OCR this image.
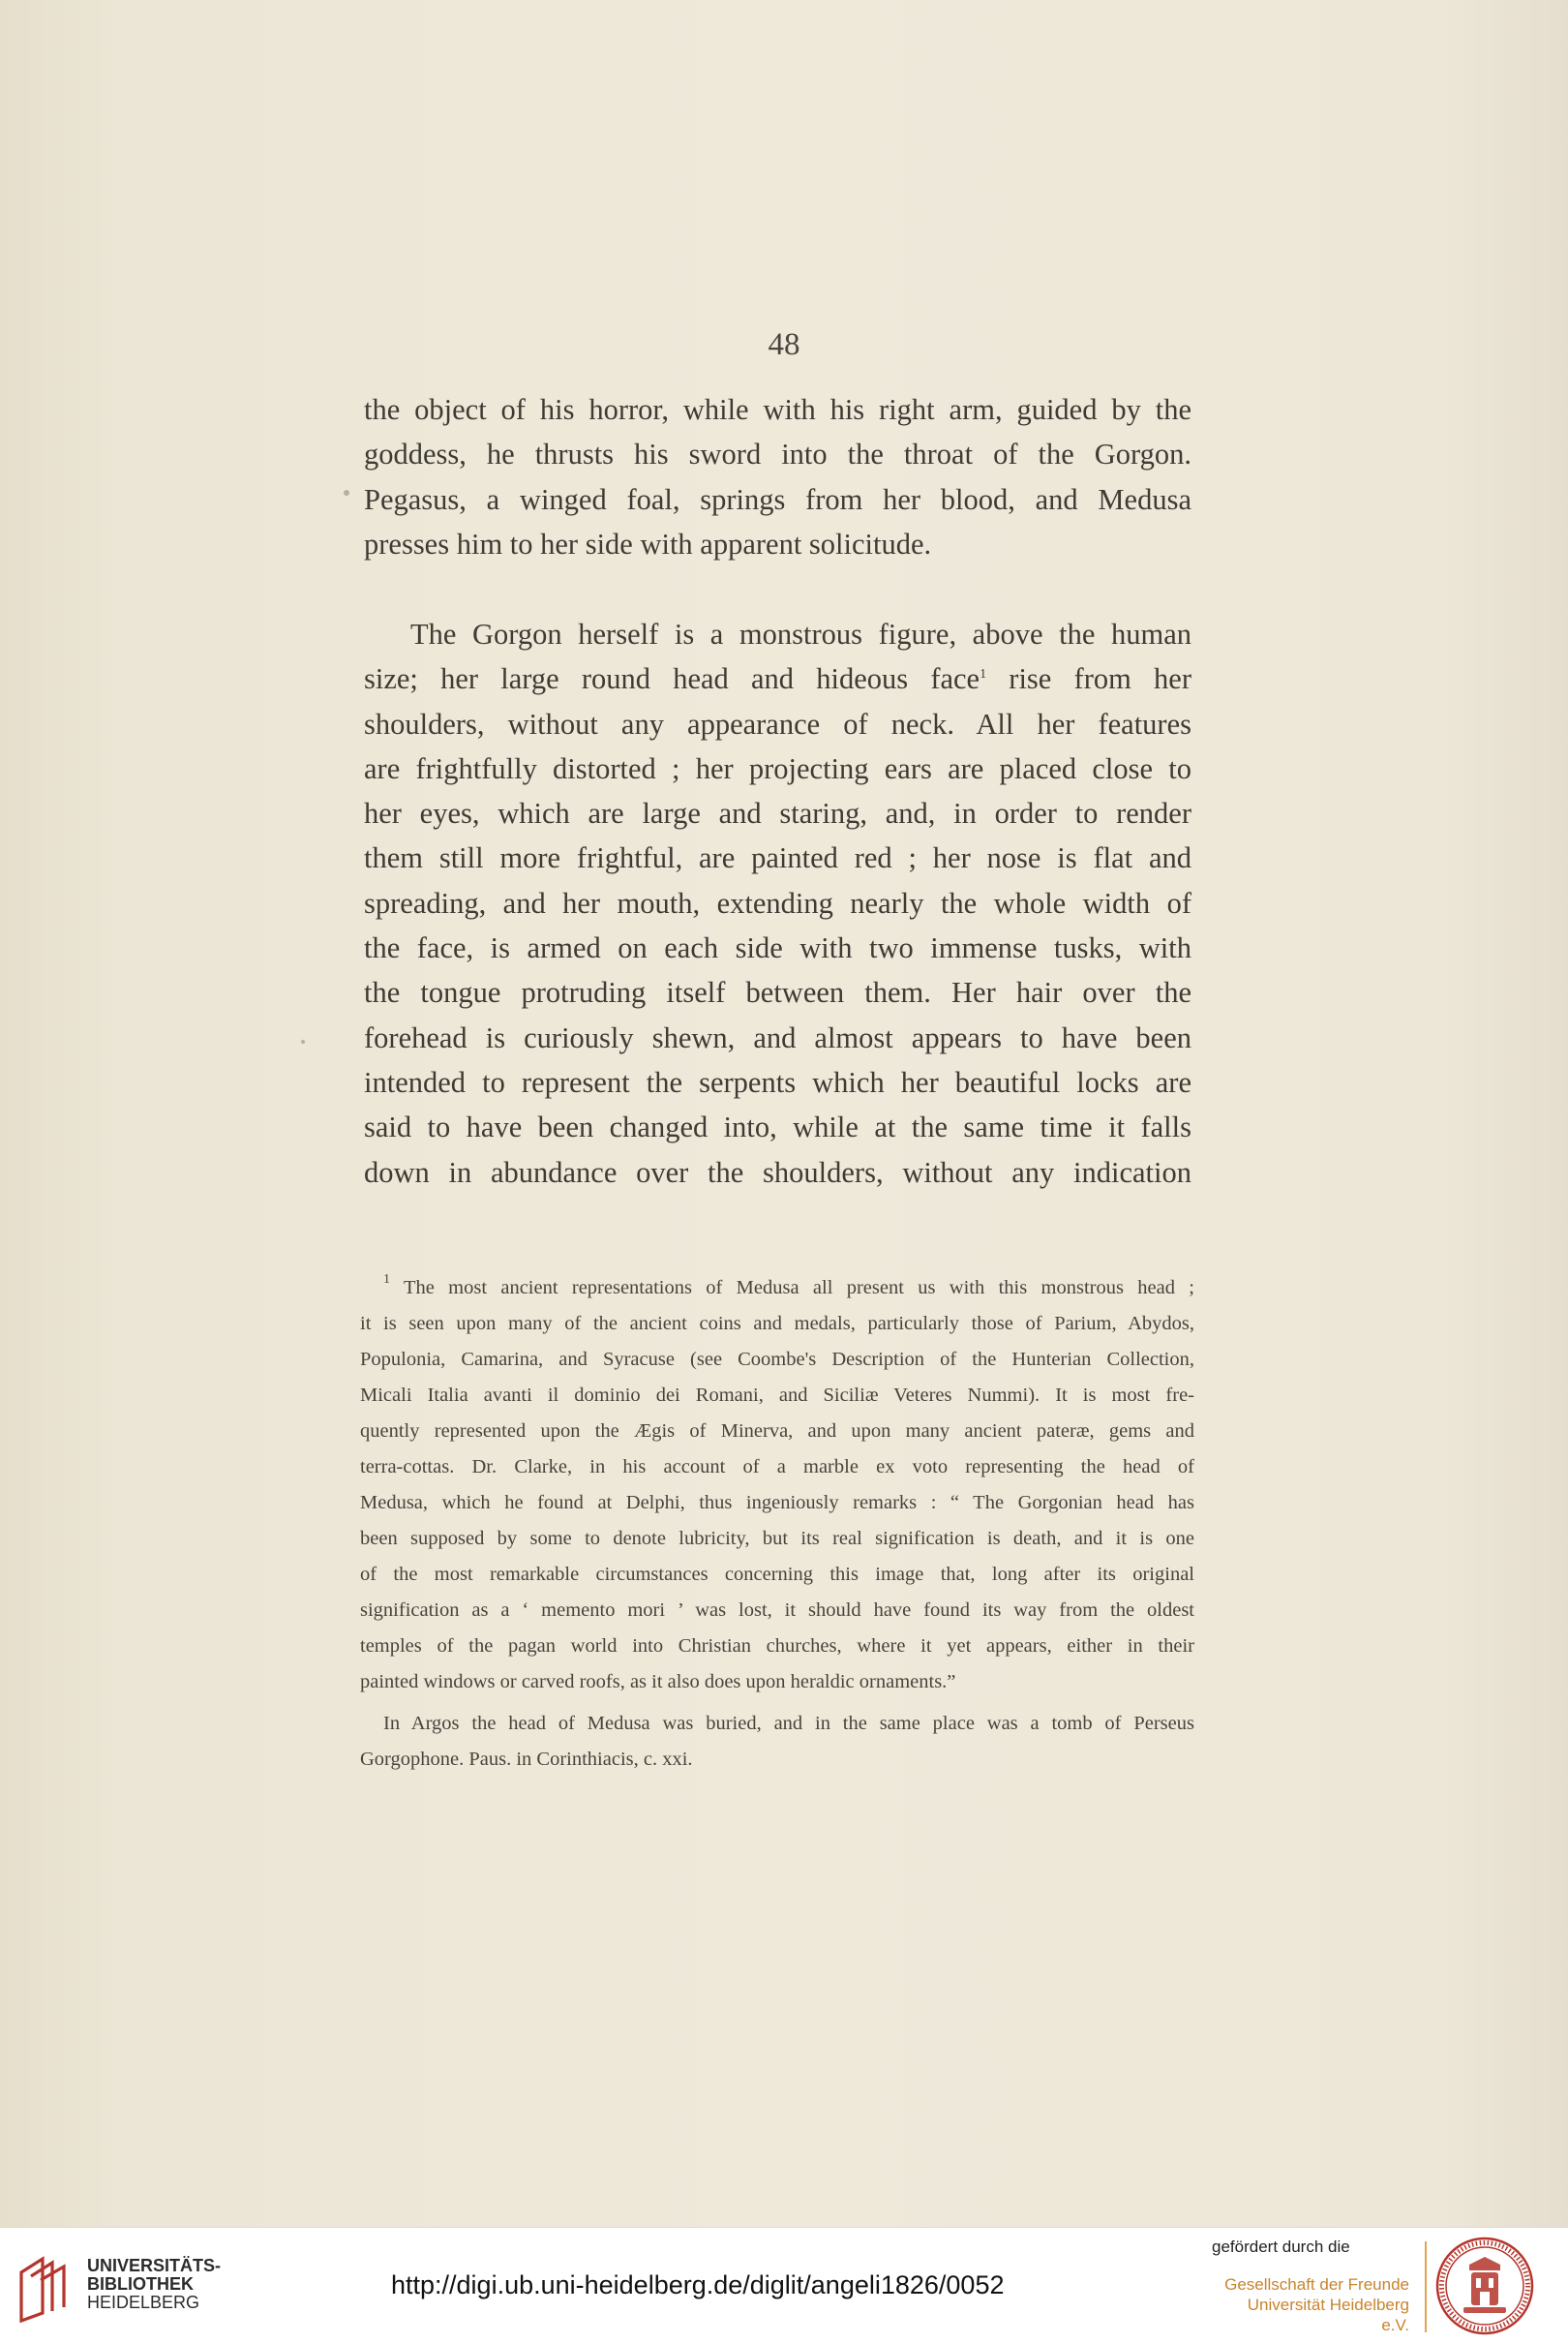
48

the object of his horror, while with his right arm, guided by the
goddess, he thrusts his sword into the throat of the Gorgon.
Pegasus, a winged foal, springs from her blood, and Medusa
presses him to her side with apparent solicitude.

The Gorgon herself is a monstrous figure, above the human
size; her large round head and hideous face$^1$ rise from her
shoulders, without any appearance of neck. All her features
are frightfully distorted ; her projecting ears are placed close to
her eyes, which are large and staring, and, in order to render
them still more frightful, are painted red ; her nose is flat and
spreading, and her mouth, extending nearly the whole width of
the face, is armed on each side with two immense tusks, with
the tongue protruding itself between them. Her hair over the
forehead is curiously shewn, and almost appears to have been
intended to represent the serpents which her beautiful locks are
said to have been changed into, while at the same time it falls
down in abundance over the shoulders, without any indication

$^1$ The most ancient representations of Medusa all present us with this monstrous head ;
it is seen upon many of the ancient coins and medals, particularly those of Parium, Abydos,
Populonia, Camarina, and Syracuse (see Coombe's Description of the Hunterian Collection,
Micali Italia avanti il dominio dei Romani, and Siciliæ Veteres Nummi). It is most fre-
quently represented upon the Ægis of Minerva, and upon many ancient pateræ, gems and
terra-cottas. Dr. Clarke, in his account of a marble ex voto representing the head of
Medusa, which he found at Delphi, thus ingeniously remarks : “ The Gorgonian head has
been supposed by some to denote lubricity, but its real signification is death, and it is one
of the most remarkable circumstances concerning this image that, long after its original
signification as a ‘ memento mori ’ was lost, it should have found its way from the oldest
temples of the pagan world into Christian churches, where it yet appears, either in their
painted windows or carved roofs, as it also does upon heraldic ornaments.”
In Argos the head of Medusa was buried, and in the same place was a tomb of Perseus
Gorgophone. Paus. in Corinthiacis, c. xxi.
UNIVERSITÄTS-
BIBLIOTHEK
HEIDELBERG
http://digi.ub.uni-heidelberg.de/diglit/angeli1826/0052
gefördert durch die
Gesellschaft der Freunde
Universität Heidelberg e.V.
